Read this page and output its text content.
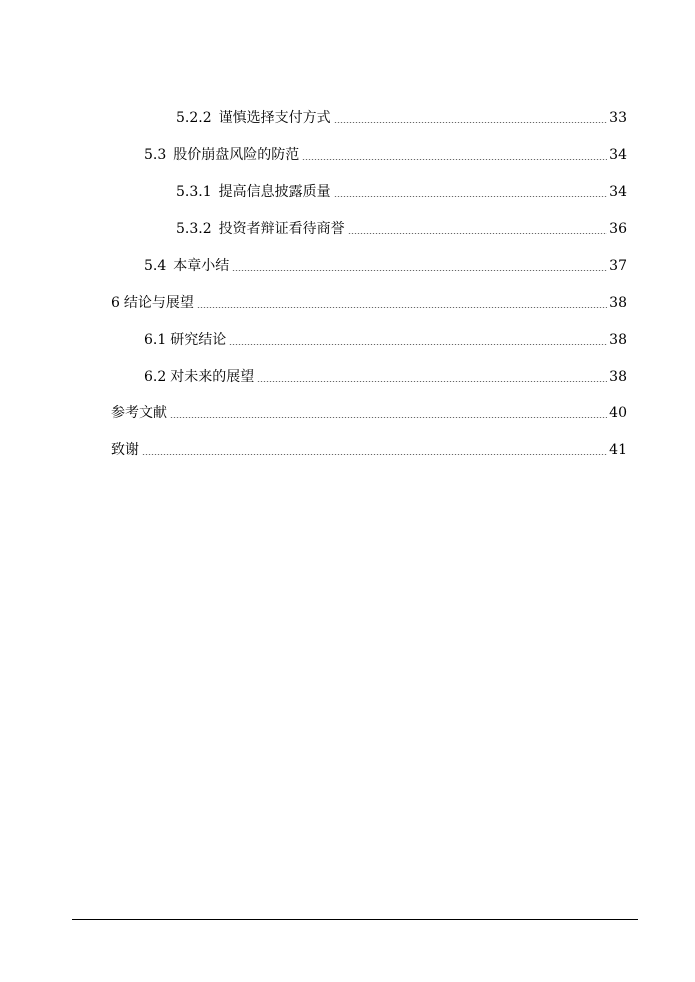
5.2.2 谨慎选择支付方式	33
5.3 股价崩盘风险的防范	34
5.3.1 提高信息披露质量	34
5.3.2 投资者辩证看待商誉	36
5.4 本章小结	37
6 结论与展望	38
6.1 研究结论	38
6.2 对未来的展望	38
参考文献	40
致谢	41
